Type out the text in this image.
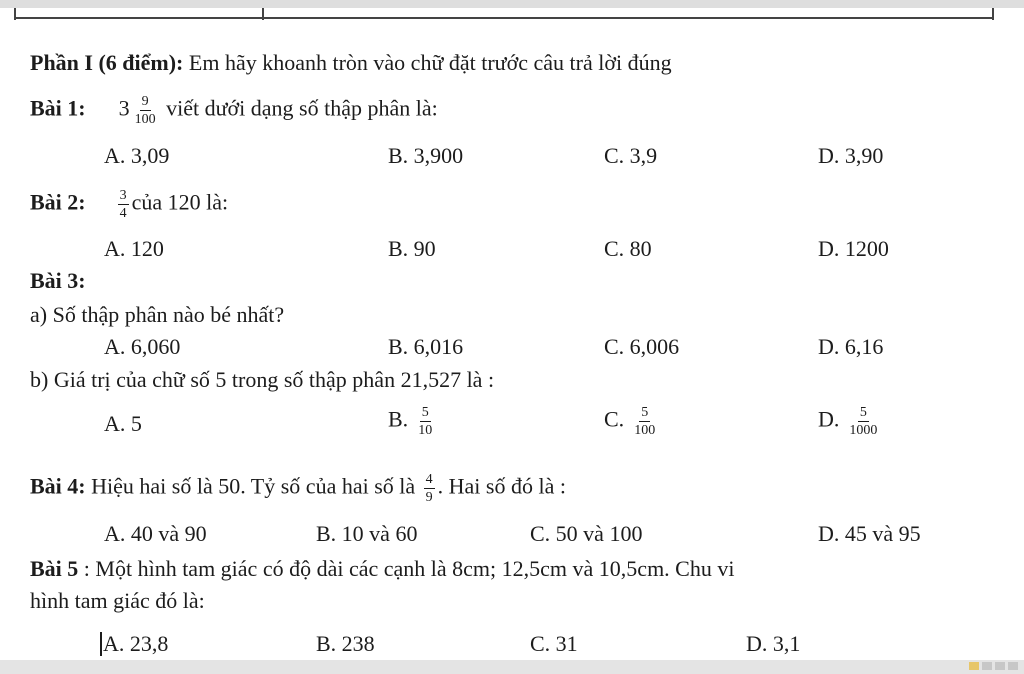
Phần I (6 điểm): Em hãy khoanh tròn vào chữ đặt trước câu trả lời đúng
Bài 1: $3 \frac{9}{100}$ viết dưới dạng số thập phân là:
A. 3,09	B. 3,900	C. 3,9	D. 3,90
Bài 2: $\frac{3}{4}$ của 120 là:
A. 120	B. 90	C. 80	D. 1200
Bài 3:
a) Số thập phân nào bé nhất?
A. 6,060	B. 6,016	C. 6,006	D. 6,16
b) Giá trị của chữ số 5 trong số thập phân 21,527 là :
A. 5	B. $\frac{5}{10}$	C. $\frac{5}{100}$	D. $\frac{5}{1000}$
Bài 4: Hiệu hai số là 50. Tỷ số của hai số là $\frac{4}{9}$ . Hai số đó là :
A. 40 và 90	B. 10 và 60	C. 50 và 100	D. 45 và 95
Bài 5 : Một hình tam giác có độ dài các cạnh là 8cm; 12,5cm và 10,5cm. Chu vi
hình tam giác đó là:
A. 23,8	B. 238	C. 31	D. 3,1
